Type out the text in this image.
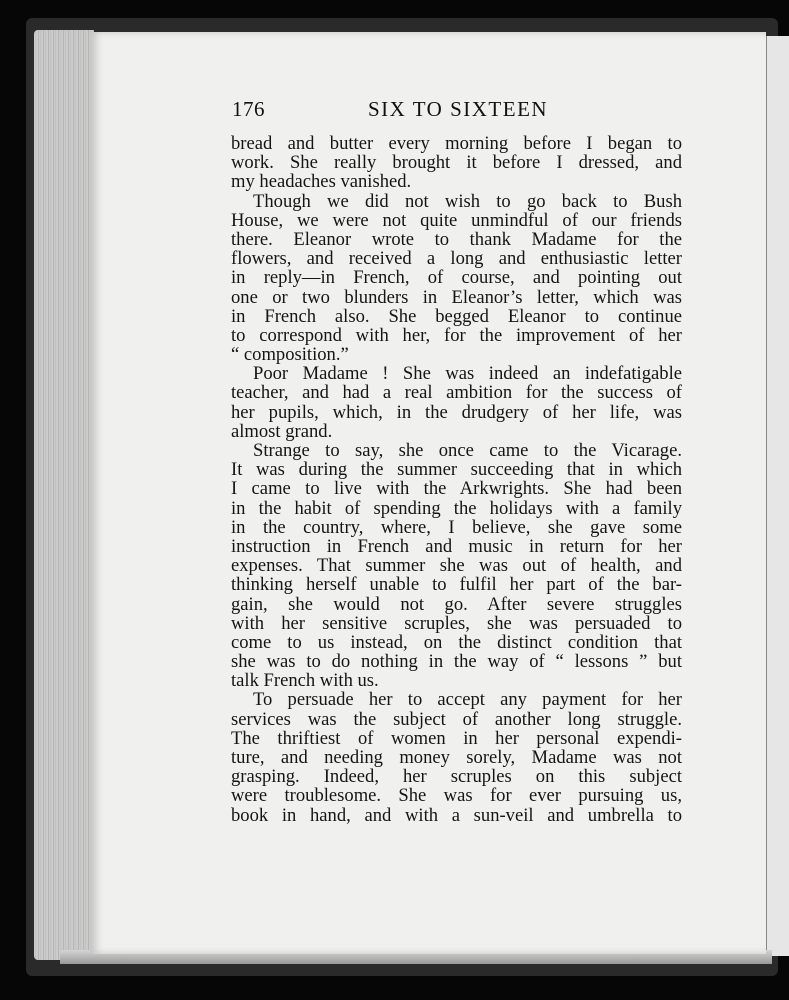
176	SIX TO SIXTEEN
bread and butter every morning before I began to
work. She really brought it before I dressed, and
my headaches vanished.
Though we did not wish to go back to Bush
House, we were not quite unmindful of our friends
there. Eleanor wrote to thank Madame for the
flowers, and received a long and enthusiastic letter
in reply—in French, of course, and pointing out
one or two blunders in Eleanor’s letter, which was
in French also. She begged Eleanor to continue
to correspond with her, for the improvement of her
“ composition.”
Poor Madame ! She was indeed an indefatigable
teacher, and had a real ambition for the success of
her pupils, which, in the drudgery of her life, was
almost grand.
Strange to say, she once came to the Vicarage.
It was during the summer succeeding that in which
I came to live with the Arkwrights. She had been
in the habit of spending the holidays with a family
in the country, where, I believe, she gave some
instruction in French and music in return for her
expenses. That summer she was out of health, and
thinking herself unable to fulfil her part of the bar-
gain, she would not go. After severe struggles
with her sensitive scruples, she was persuaded to
come to us instead, on the distinct condition that
she was to do nothing in the way of “ lessons ” but
talk French with us.
To persuade her to accept any payment for her
services was the subject of another long struggle.
The thriftiest of women in her personal expendi-
ture, and needing money sorely, Madame was not
grasping. Indeed, her scruples on this subject
were troublesome. She was for ever pursuing us,
book in hand, and with a sun-veil and umbrella to
